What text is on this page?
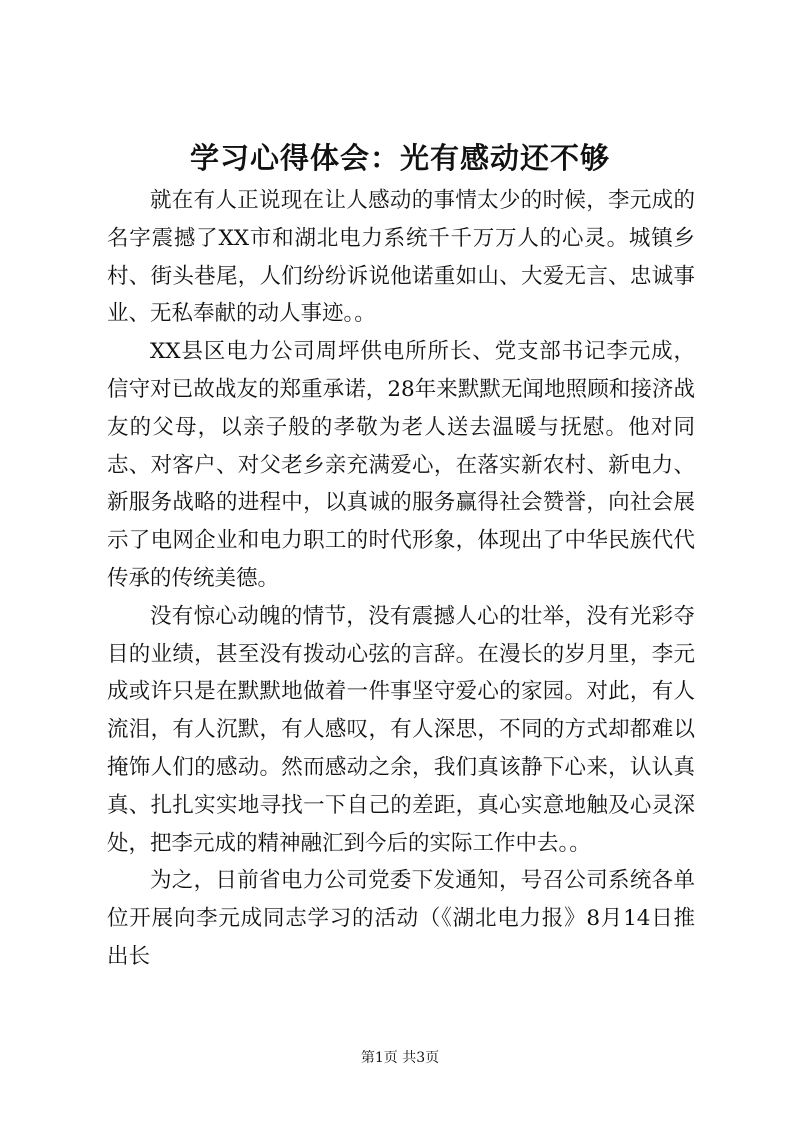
学习心得体会：光有感动还不够

就在有人正说现在让人感动的事情太少的时候，李元成的名字震撼了XX市和湖北电力系统千千万万人的心灵。城镇乡村、街头巷尾，人们纷纷诉说他诺重如山、大爱无言、忠诚事业、无私奉献的动人事迹。。

XX县区电力公司周坪供电所所长、党支部书记李元成，信守对已故战友的郑重承诺，28年来默默无闻地照顾和接济战友的父母，以亲子般的孝敬为老人送去温暖与抚慰。他对同志、对客户、对父老乡亲充满爱心，在落实新农村、新电力、新服务战略的进程中，以真诚的服务赢得社会赞誉，向社会展示了电网企业和电力职工的时代形象，体现出了中华民族代代传承的传统美德。

没有惊心动魄的情节，没有震撼人心的壮举，没有光彩夺目的业绩，甚至没有拨动心弦的言辞。在漫长的岁月里，李元成或许只是在默默地做着一件事坚守爱心的家园。对此，有人流泪，有人沉默，有人感叹，有人深思，不同的方式却都难以掩饰人们的感动。然而感动之余，我们真该静下心来，认认真真、扎扎实实地寻找一下自己的差距，真心实意地触及心灵深处，把李元成的精神融汇到今后的实际工作中去。。

为之，日前省电力公司党委下发通知，号召公司系统各单位开展向李元成同志学习的活动（《湖北电力报》8月14日推出长

第1页 共3页
